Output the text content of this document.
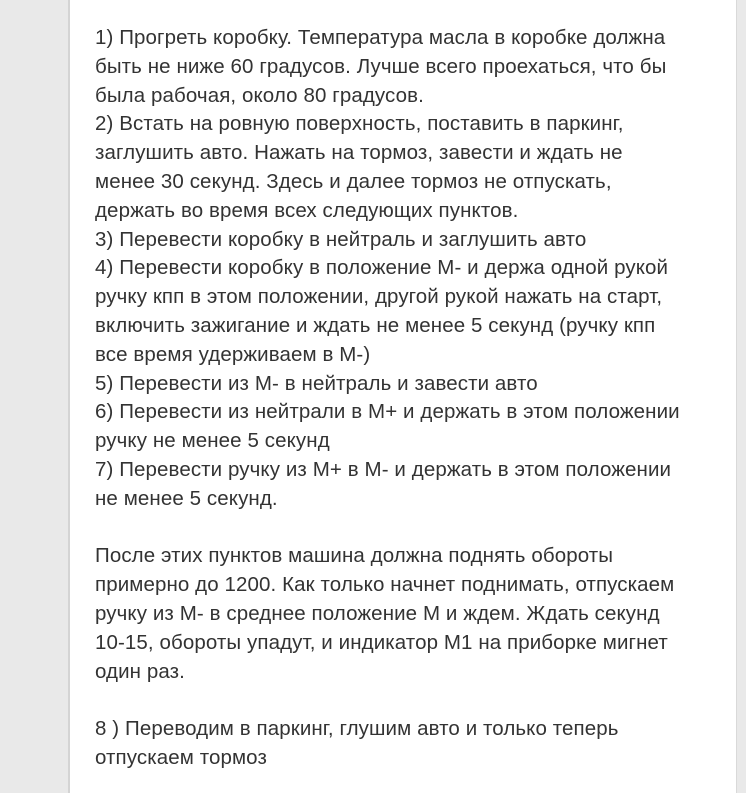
1) Прогреть коробку. Температура масла в коробке должна
быть не ниже 60 градусов. Лучше всего проехаться, что бы
была рабочая, около 80 градусов.
2) Встать на ровную поверхность, поставить в паркинг,
заглушить авто. Нажать на тормоз, завести и ждать не
менее 30 секунд. Здесь и далее тормоз не отпускать,
держать во время всех следующих пунктов.
3) Перевести коробку в нейтраль и заглушить авто
4) Перевести коробку в положение М- и держа одной рукой
ручку кпп в этом положении, другой рукой нажать на старт,
включить зажигание и ждать не менее 5 секунд (ручку кпп
все время удерживаем в М-)
5) Перевести из М- в нейтраль и завести авто
6) Перевести из нейтрали в М+ и держать в этом положении
ручку не менее 5 секунд
7) Перевести ручку из М+ в М- и держать в этом положении
не менее 5 секунд.
После этих пунктов машина должна поднять обороты
примерно до 1200. Как только начнет поднимать, отпускаем
ручку из М- в среднее положение М и ждем. Ждать секунд
10-15, обороты упадут, и индикатор М1 на приборке мигнет
один раз.
8 ) Переводим в паркинг, глушим авто и только теперь
отпускаем тормоз
